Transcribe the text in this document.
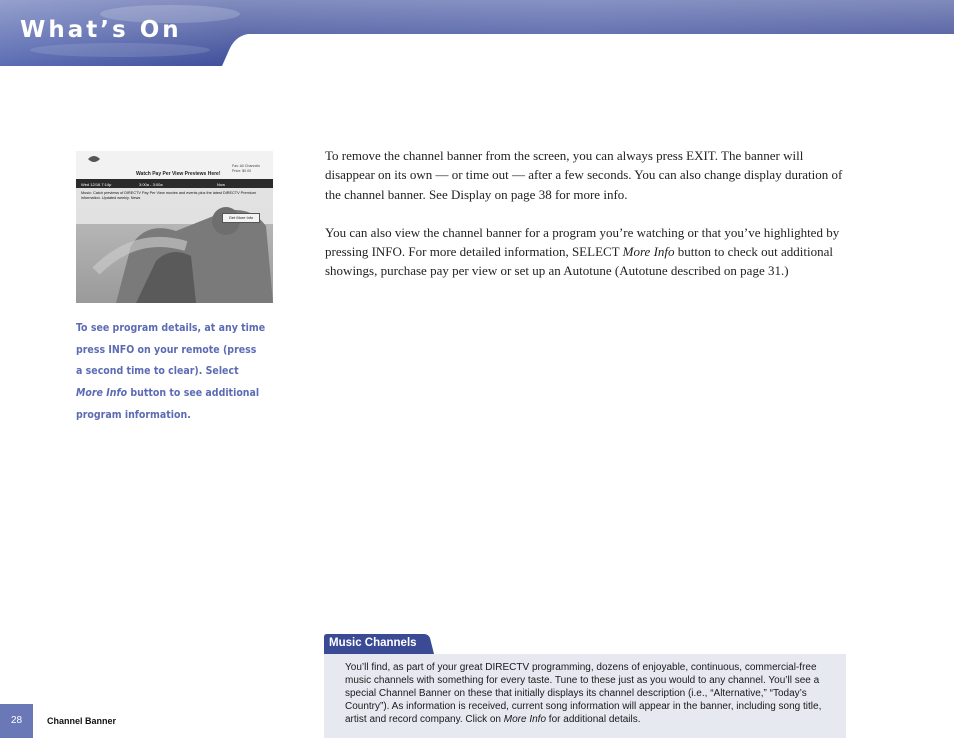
What’s On
Watch Pay Per View Previews Here!
Fav: All Channels Price: $0.00
Wed 12/16 7:14p	3:00a - 3:00a	Now
Music: Catch previews of DIRECTV Pay Per View movies and events plus the latest DIRECTV Premium information. Updated weekly. News
Get More Info
To see program details, at any time
press INFO on your remote (press
a second time to clear). Select
More Info button to see additional
program information.

To remove the channel banner from the screen, you can always press EXIT. The banner will disappear on its own — or time out — after a few seconds. You can also change display duration of the channel banner. See Display on page 38 for more info.

You can also view the channel banner for a program you’re watching or that you’ve highlighted by pressing INFO. For more detailed information, SELECT More Info button to check out additional showings, purchase pay per view or set up an Autotune (Autotune described on page 31.)

Music Channels
You’ll find, as part of your great DIRECTV programming, dozens of enjoyable, continuous, commercial-free music channels with something for every taste. Tune to these just as you would to any channel. You’ll see a special Channel Banner on these that initially displays its channel description (i.e., “Alternative,” “Today’s Country”). As information is received, current song information will appear in the banner, including song title, artist and record company. Click on More Info for additional details.
28	Channel Banner
